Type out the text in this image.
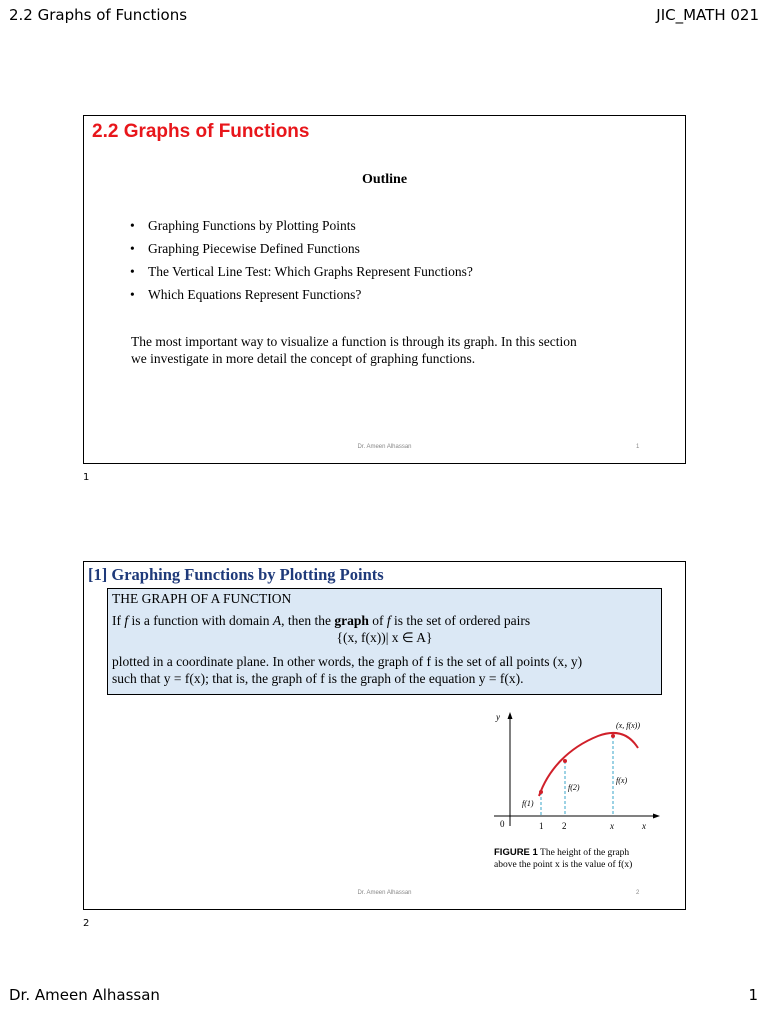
2.2 Graphs of Functions	JIC_MATH 021
2.2 Graphs of Functions
Outline
• Graphing Functions by Plotting Points
• Graphing Piecewise Defined Functions
• The Vertical Line Test: Which Graphs Represent Functions?
• Which Equations Represent Functions?
The most important way to visualize a function is through its graph. In this section
we investigate in more detail the concept of graphing functions.
Dr. Ameen Alhassan	1
1
[1] Graphing Functions by Plotting Points
THE GRAPH OF A FUNCTION
If f is a function with domain A, then the graph of f is the set of ordered pairs
{(x, f(x))| x ∈ A}
plotted in a coordinate plane. In other words, the graph of f is the set of all points (x, y)
such that y = f(x); that is, the graph of f is the graph of the equation y = f(x).
y
x
0	1 2	x
(x, f(x))
f(1)
f(2)
f(x)
FIGURE 1 The height of the graph
above the point x is the value of f(x)
Dr. Ameen Alhassan	2
2
Dr. Ameen Alhassan	1
